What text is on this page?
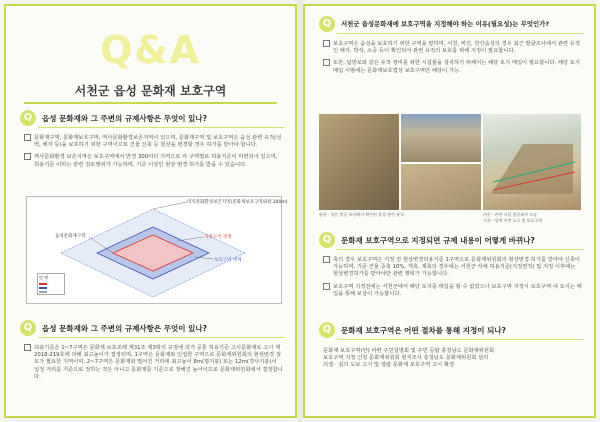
Q&A
서천군 읍성 문화재 보호구역
Q	읍성 문화재와 그 주변의 규제사항은 무엇이 있나?
문화재구역, 문화재보호구역, 역사문화환경보존지역이 있으며, 문화재구역 및 보호구역은 읍성 관련 유적(성벽, 해자 등)을 보호하기 위한 구역이므로 건물 신축 등 현상을 변경할 경우 허가를 받아야 합니다.
역사문화환경 보존지역은 보호구역에서 반경 300미터 지역으로 각 구역별로 허용기준이 마련되어 있으며, 허용기준 이하는 관련 검토행위가 가능하며, 기준 이상인 현상 변경 허가를 받을 수 있습니다.
역사문화환경보존지역(문화재보호구역외곽 300m)
읍성문화재구역	지정구역 경계
보호구역 경계
범 례
Q	읍성 문화재와 그 주변의 규제사항은 무엇이 있나?
허용기준은 1~7구역은 문화재 보호조례 제31조 제3항의 규정에 의거 공통 허용기준 고시문화재로 고시 제2018-219호에 의해 최고높이가 결정되며, 1구역은 문화재와 인접한 구역으로 문화재위원회의 현상변경 검토가 필요한 지역이며, 2~7구역은 문화재와 떨어진 거리에 최고높이 8m(평지붕) 또는 12m(경사지붕)이 일정 거리를 기준으로 정하는 것은 아니고 문화재를 기준으로 정해진 높이이므로 문화재위원회에서 결정합니다.
Q	서천군 읍성문화재에 보호구역을 지정해야 하는 이유(필요성)는 무엇인가?
보호구역은 읍성을 보호하기 위한 구역을 말하며, 서천, 비인, 한산읍성의 경우 최근 발굴조사에서 관련 유적인 해자, 박석, 소공 등이 확인되어 관련 유적의 보호를 위해 지정이 필요합니다.
또한, 탐방로와 같은 유적 정비를 위한 시설물을 설치하기 위해서는 해당 토지 매입이 필요합니다. 해당 토지매입 시범에는 문화재보호법상 보호구역만 해당이 가능.
한산 · 성문 발굴 조사에서 확인된 읍성 관련 유적	비인 · 관련 시설 발굴조사 모습
서천 · 성벽 주변 도로 및 보호구역
Q	문화재 보호구역으로 지정되면 규제 내용이 어떻게 바뀌나?
축의 경우 보호구역은 지정 전 현상변경허용기준 1구역으로 문화재위원회의 현상변경 허가를 받아야 신축이 가능하며, 기존 건물 증축 10%, 개축, 재축의 경우에는 서천군 자체 허용기준(지정면적) 및 지정 이후에는 현상변경허가를 받아야만 관련 행위가 가능합니다.
보호구역 지정전에는 서천군에서 해당 토지를 매입을 할 수 없었으나 보호구역 지정시 보호구역 내 토지는 매입을 통해 보상이 가능합니다.
Q	문화재 보호구역은 어떤 절차를 통해 지정이 되나?
문화재 보호구역(안) 마련 주민설명회 및 주민 공람 충청남도 문화재위원회
보호구역 지정 신청 문화재위원회 현지조사 충청남도 문화재위원회 심의
의결 · 심의 도보 고시 및 열람 문화재 보호구역 고시 확정
